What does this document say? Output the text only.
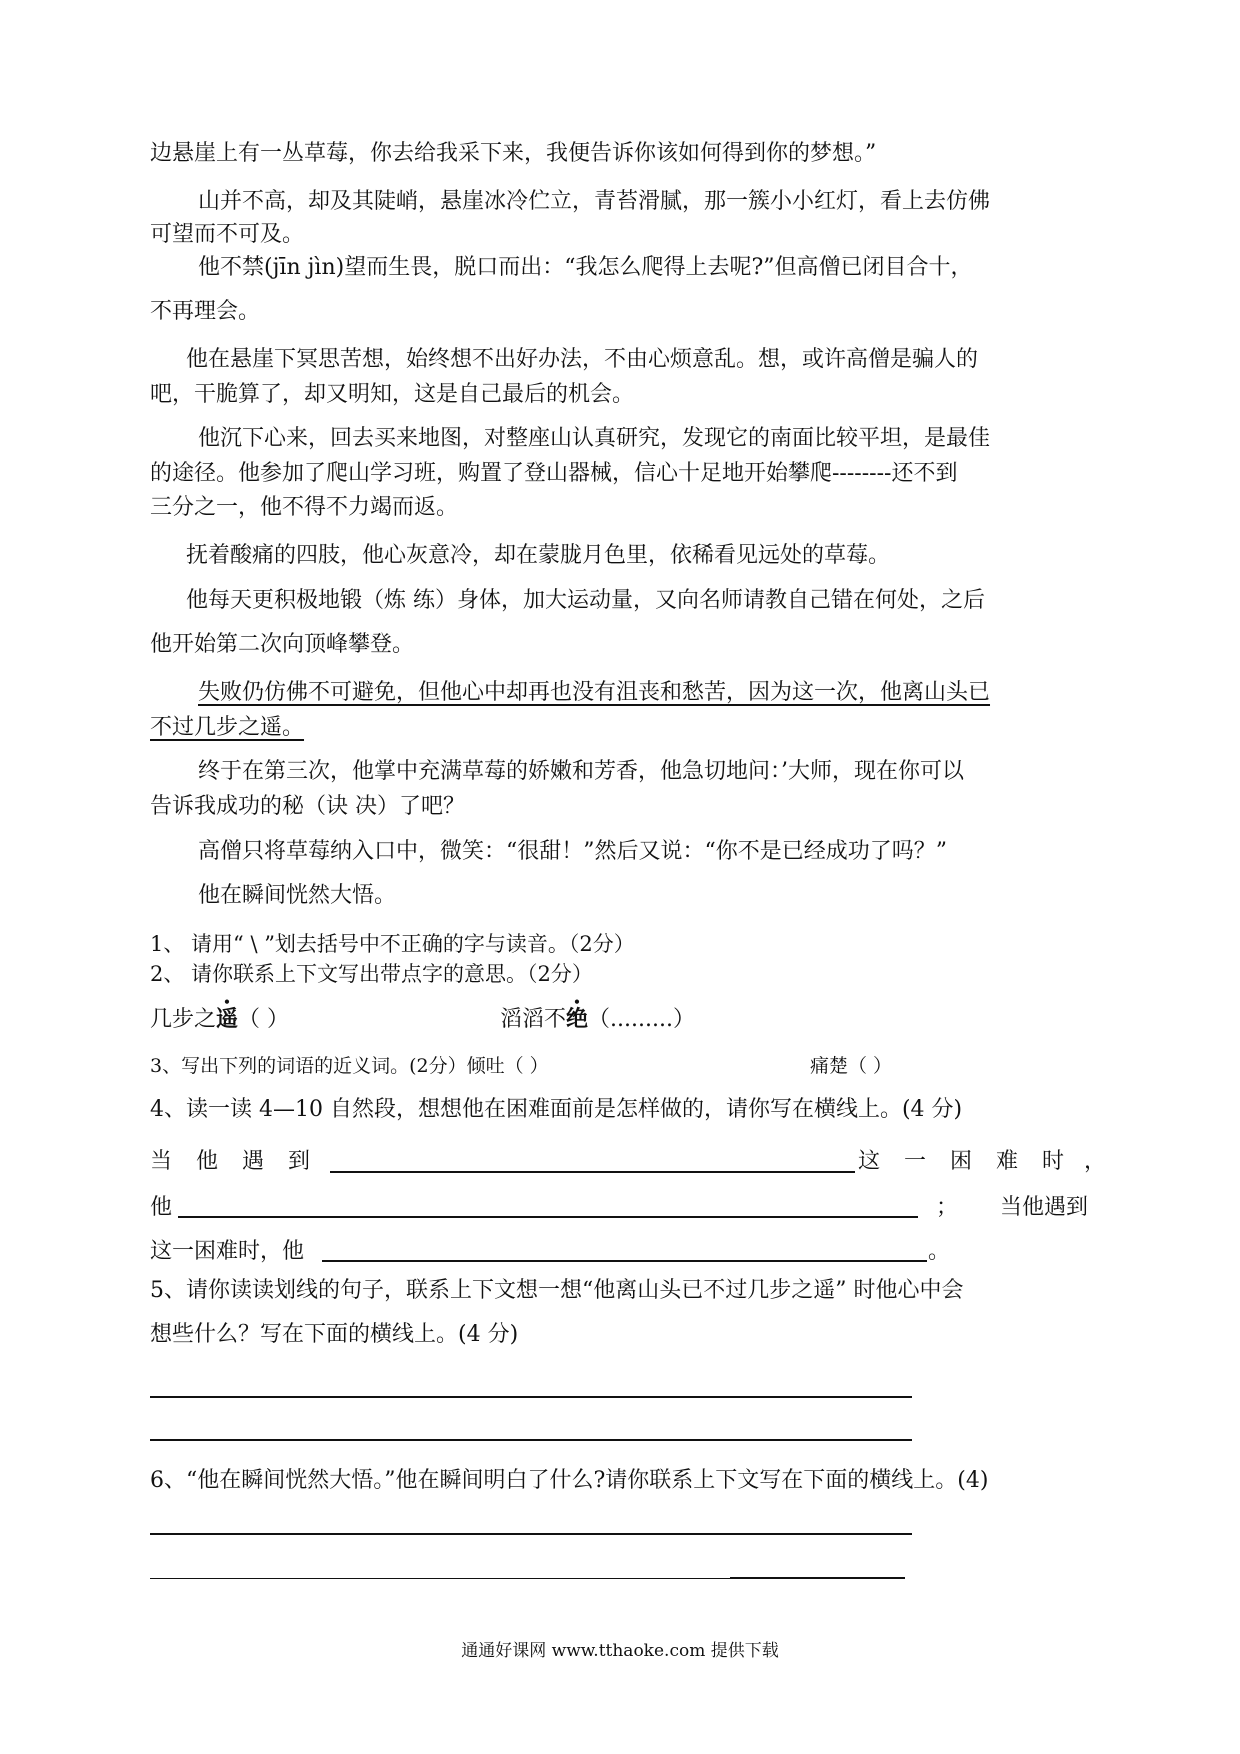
边悬崖上有一丛草莓，你去给我采下来，我便告诉你该如何得到你的梦想。”
山并不高，却及其陡峭，悬崖冰冷伫立，青苔滑腻，那一簇小小红灯，看上去仿佛
可望而不可及。
他不禁(jīn jìn)望而生畏，脱口而出：“我怎么爬得上去呢?”但高僧已闭目合十，
不再理会。
他在悬崖下冥思苦想，始终想不出好办法，不由心烦意乱。想，或许高僧是骗人的
吧，干脆算了，却又明知，这是自己最后的机会。
他沉下心来，回去买来地图，对整座山认真研究，发现它的南面比较平坦，是最佳
的途径。他参加了爬山学习班，购置了登山器械，信心十足地开始攀爬--------还不到
三分之一，他不得不力竭而返。
抚着酸痛的四肢，他心灰意冷，却在蒙胧月色里，依稀看见远处的草莓。
他每天更积极地锻（炼 练）身体，加大运动量，又向名师请教自己错在何处，之后
他开始第二次向顶峰攀登。
失败仍仿佛不可避免，但他心中却再也没有沮丧和愁苦，因为这一次，他离山头已
不过几步之遥。
终于在第三次，他掌中充满草莓的娇嫩和芳香，他急切地问：’大师，现在你可以
告诉我成功的秘（诀 决）了吧？
高僧只将草莓纳入口中，微笑：“很甜！”然后又说：“你不是已经成功了吗？”
他在瞬间恍然大悟。
1、 请用“ \ ”划去括号中不正确的字与读音。（2分）
2、 请你联系上下文写出带点字的意思。（2分）
几步之遥（ ）	滔滔不绝（.........）
3、写出下列的词语的近义词。(2分）倾吐（ ）	痛楚（ ）
4、读一读 4—10 自然段，想想他在困难面前是怎样做的，请你写在横线上。(4 分)
当 他 遇 到	这 一 困 难 时 ，
他	； 当他遇到
这一困难时，他	。
5、请你读读划线的句子，联系上下文想一想“他离山头已不过几步之遥” 时他心中会
想些什么？写在下面的横线上。(4 分)
6、“他在瞬间恍然大悟。”他在瞬间明白了什么?请你联系上下文写在下面的横线上。(4)
通通好课网 www.tthaoke.com 提供下载
